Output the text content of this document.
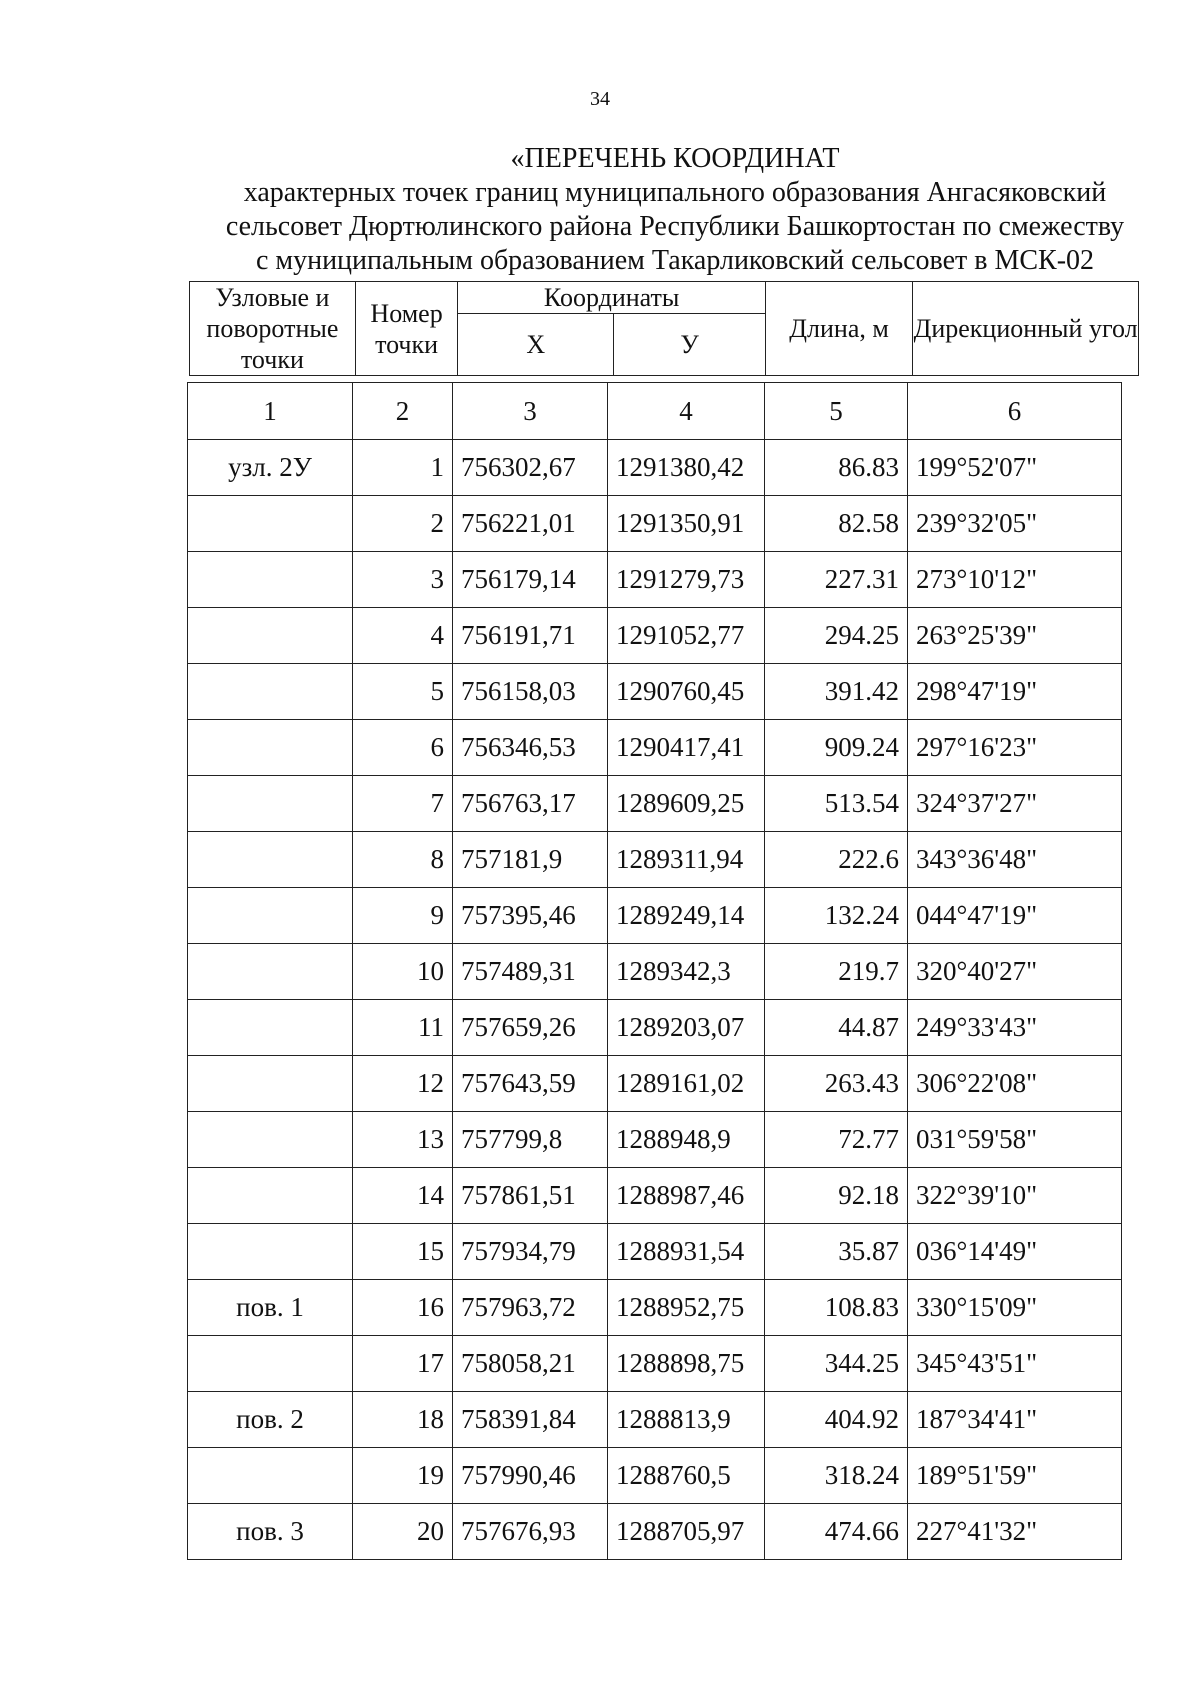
34
«ПЕРЕЧЕНЬ КООРДИНАТ
характерных точек границ муниципального образования Ангасяковский
сельсовет Дюртюлинского района Республики Башкортостан по смежеству
с муниципальным образованием Такарликовский сельсовет в МСК-02
Узловые и поворотные точки	Номер точки	Координаты		Длина, м	Дирекционный угол
		X	У		
1	2	3	4	5	6
узл. 2У	1	756302,67	1291380,42	86.83	199°52'07"
	2	756221,01	1291350,91	82.58	239°32'05"
	3	756179,14	1291279,73	227.31	273°10'12"
	4	756191,71	1291052,77	294.25	263°25'39"
	5	756158,03	1290760,45	391.42	298°47'19"
	6	756346,53	1290417,41	909.24	297°16'23"
	7	756763,17	1289609,25	513.54	324°37'27"
	8	757181,9	1289311,94	222.6	343°36'48"
	9	757395,46	1289249,14	132.24	044°47'19"
	10	757489,31	1289342,3	219.7	320°40'27"
	11	757659,26	1289203,07	44.87	249°33'43"
	12	757643,59	1289161,02	263.43	306°22'08"
	13	757799,8	1288948,9	72.77	031°59'58"
	14	757861,51	1288987,46	92.18	322°39'10"
	15	757934,79	1288931,54	35.87	036°14'49"
пов. 1	16	757963,72	1288952,75	108.83	330°15'09"
	17	758058,21	1288898,75	344.25	345°43'51"
пов. 2	18	758391,84	1288813,9	404.92	187°34'41"
	19	757990,46	1288760,5	318.24	189°51'59"
пов. 3	20	757676,93	1288705,97	474.66	227°41'32"
